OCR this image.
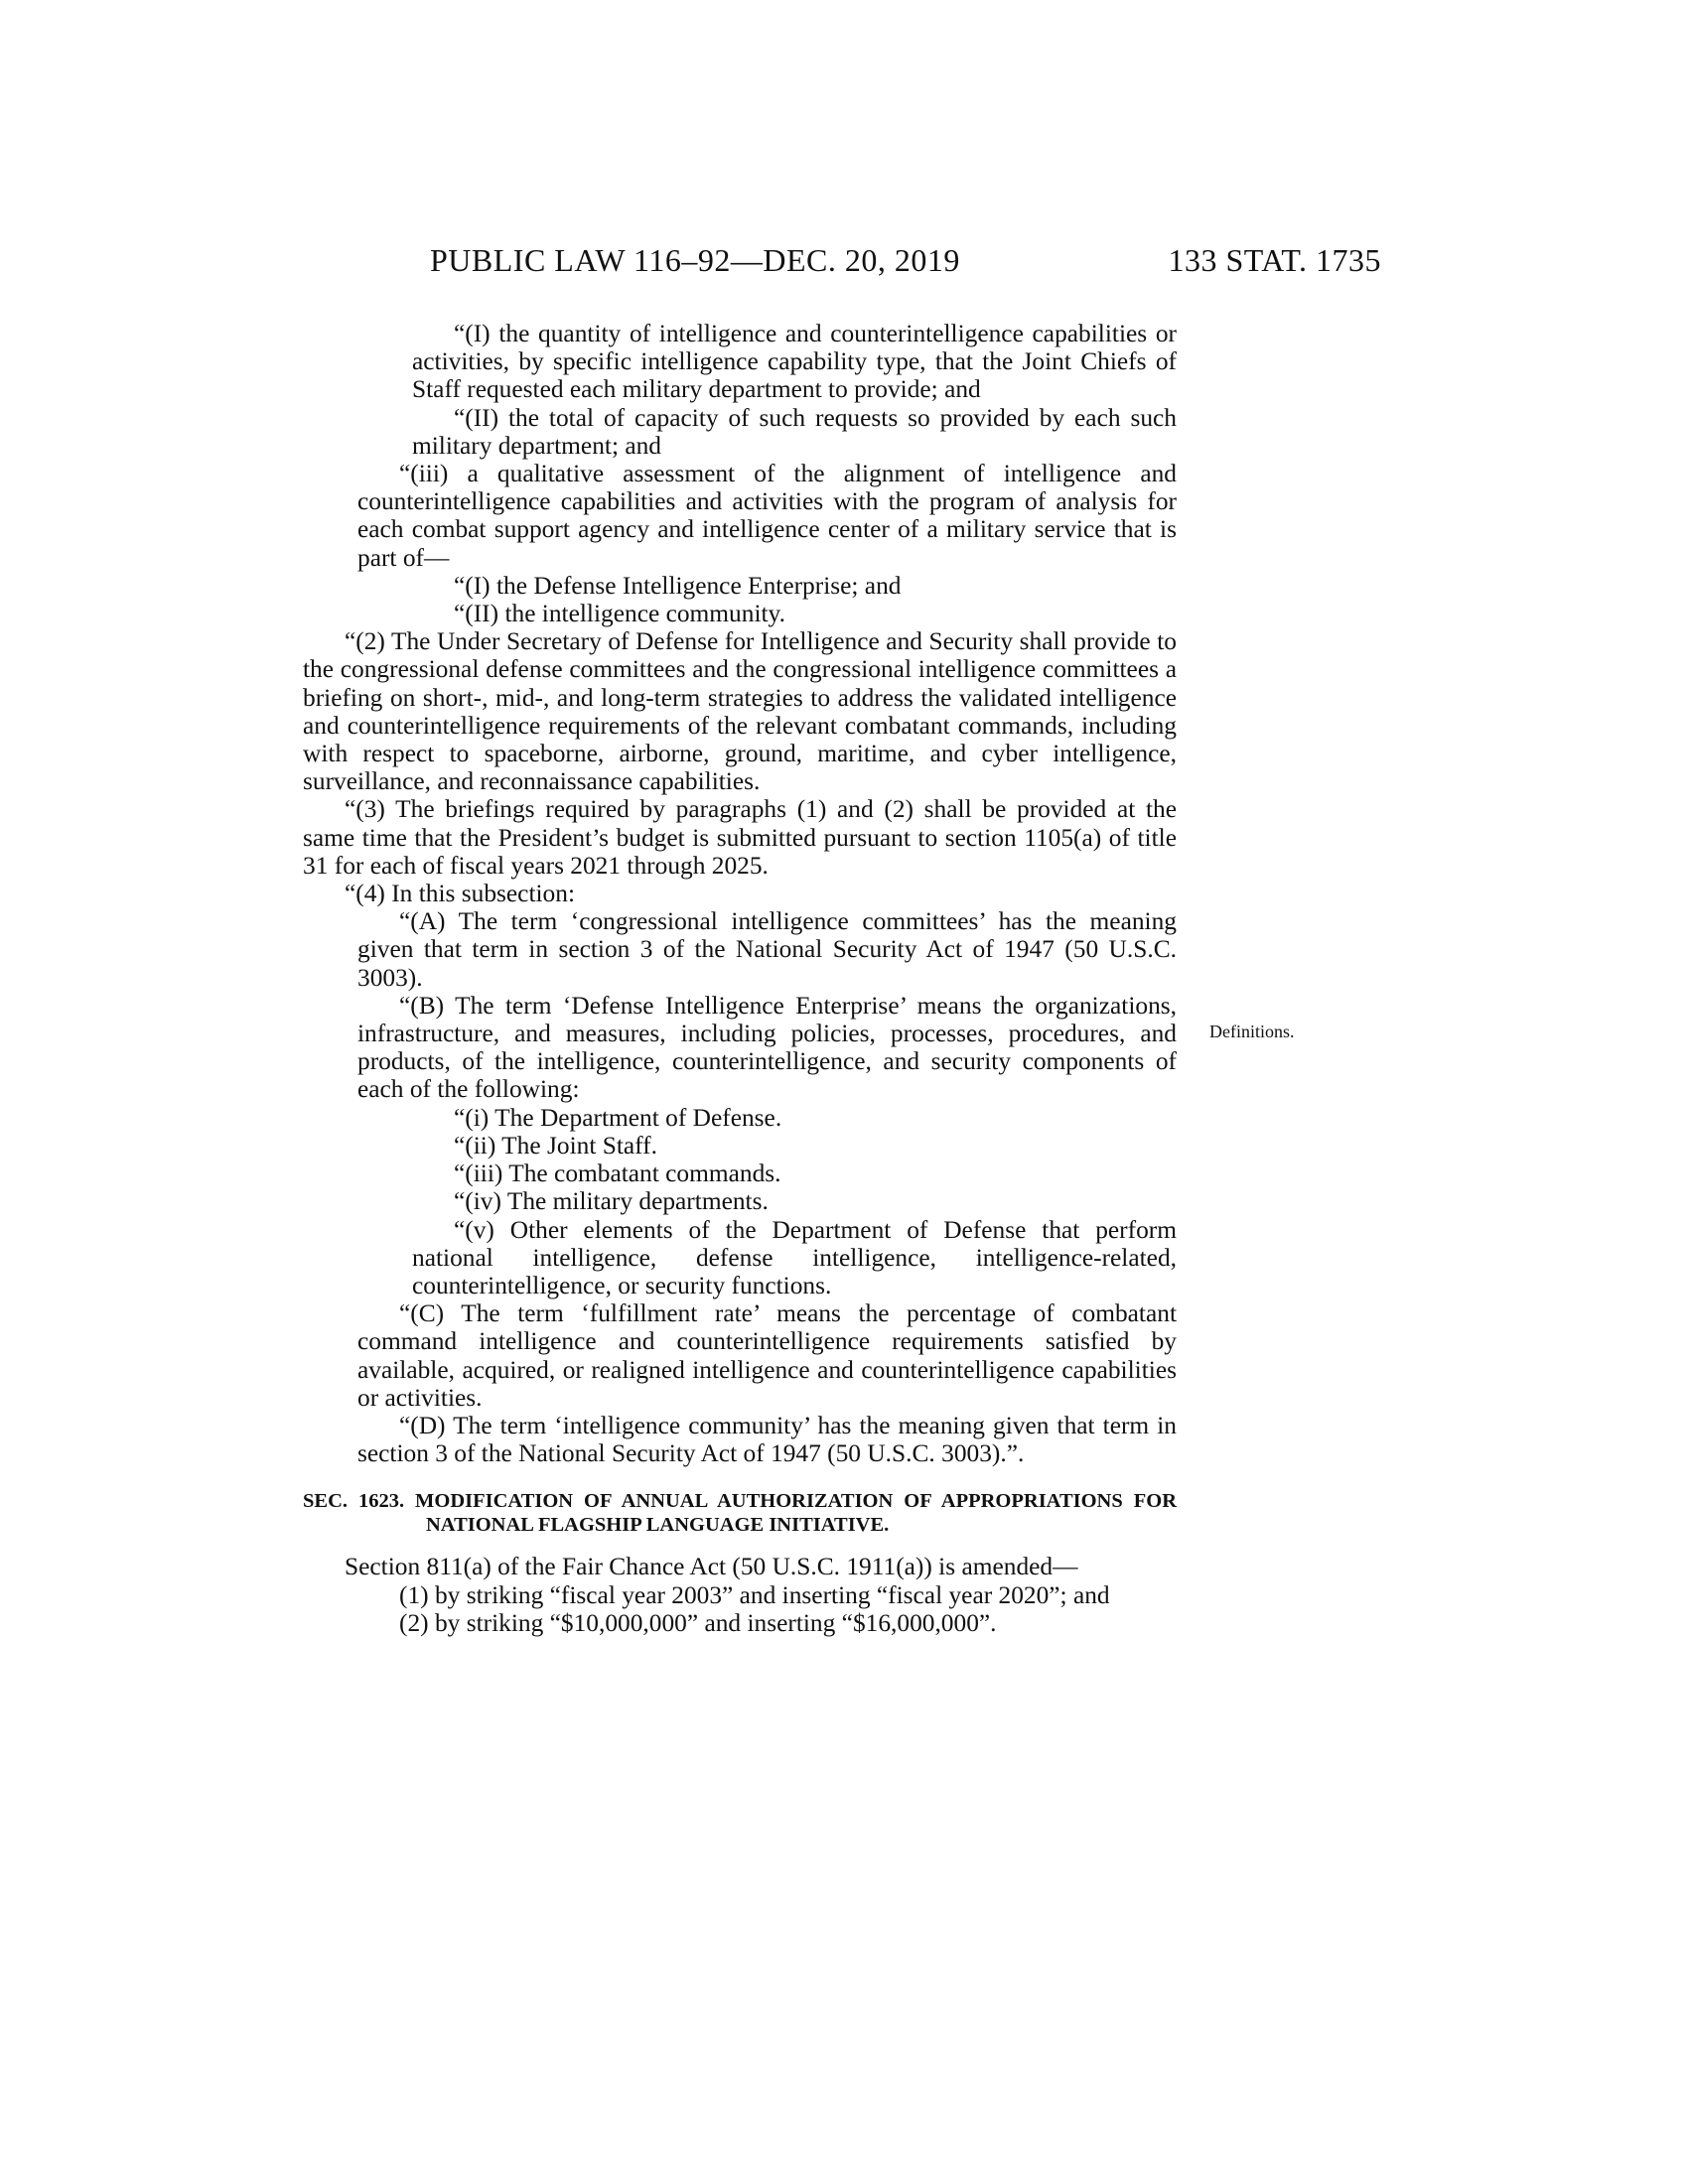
PUBLIC LAW 116–92—DEC. 20, 2019	133 STAT. 1735
Definitions.

“(I) the quantity of intelligence and counterintelligence capabilities or activities, by specific intelligence capability type, that the Joint Chiefs of Staff requested each military department to provide; and

“(II) the total of capacity of such requests so provided by each such military department; and

“(iii) a qualitative assessment of the alignment of intelligence and counterintelligence capabilities and activities with the program of analysis for each combat support agency and intelligence center of a military service that is part of—

“(I) the Defense Intelligence Enterprise; and

“(II) the intelligence community.

“(2) The Under Secretary of Defense for Intelligence and Security shall provide to the congressional defense committees and the congressional intelligence committees a briefing on short-, mid-, and long-term strategies to address the validated intelligence and counterintelligence requirements of the relevant combatant commands, including with respect to spaceborne, airborne, ground, maritime, and cyber intelligence, surveillance, and reconnaissance capabilities.

“(3) The briefings required by paragraphs (1) and (2) shall be provided at the same time that the President’s budget is submitted pursuant to section 1105(a) of title 31 for each of fiscal years 2021 through 2025.

“(4) In this subsection:

“(A) The term ‘congressional intelligence committees’ has the meaning given that term in section 3 of the National Security Act of 1947 (50 U.S.C. 3003).

“(B) The term ‘Defense Intelligence Enterprise’ means the organizations, infrastructure, and measures, including policies, processes, procedures, and products, of the intelligence, counterintelligence, and security components of each of the following:

“(i) The Department of Defense.

“(ii) The Joint Staff.

“(iii) The combatant commands.

“(iv) The military departments.

“(v) Other elements of the Department of Defense that perform national intelligence, defense intelligence, intelligence-related, counterintelligence, or security functions.

“(C) The term ‘fulfillment rate’ means the percentage of combatant command intelligence and counterintelligence requirements satisfied by available, acquired, or realigned intelligence and counterintelligence capabilities or activities.

“(D) The term ‘intelligence community’ has the meaning given that term in section 3 of the National Security Act of 1947 (50 U.S.C. 3003).”.

SEC. 1623. MODIFICATION OF ANNUAL AUTHORIZATION OF APPROPRIATIONS FOR NATIONAL FLAGSHIP LANGUAGE INITIATIVE.

Section 811(a) of the Fair Chance Act (50 U.S.C. 1911(a)) is amended—

(1) by striking “fiscal year 2003” and inserting “fiscal year 2020”; and

(2) by striking “$10,000,000” and inserting “$16,000,000”.
